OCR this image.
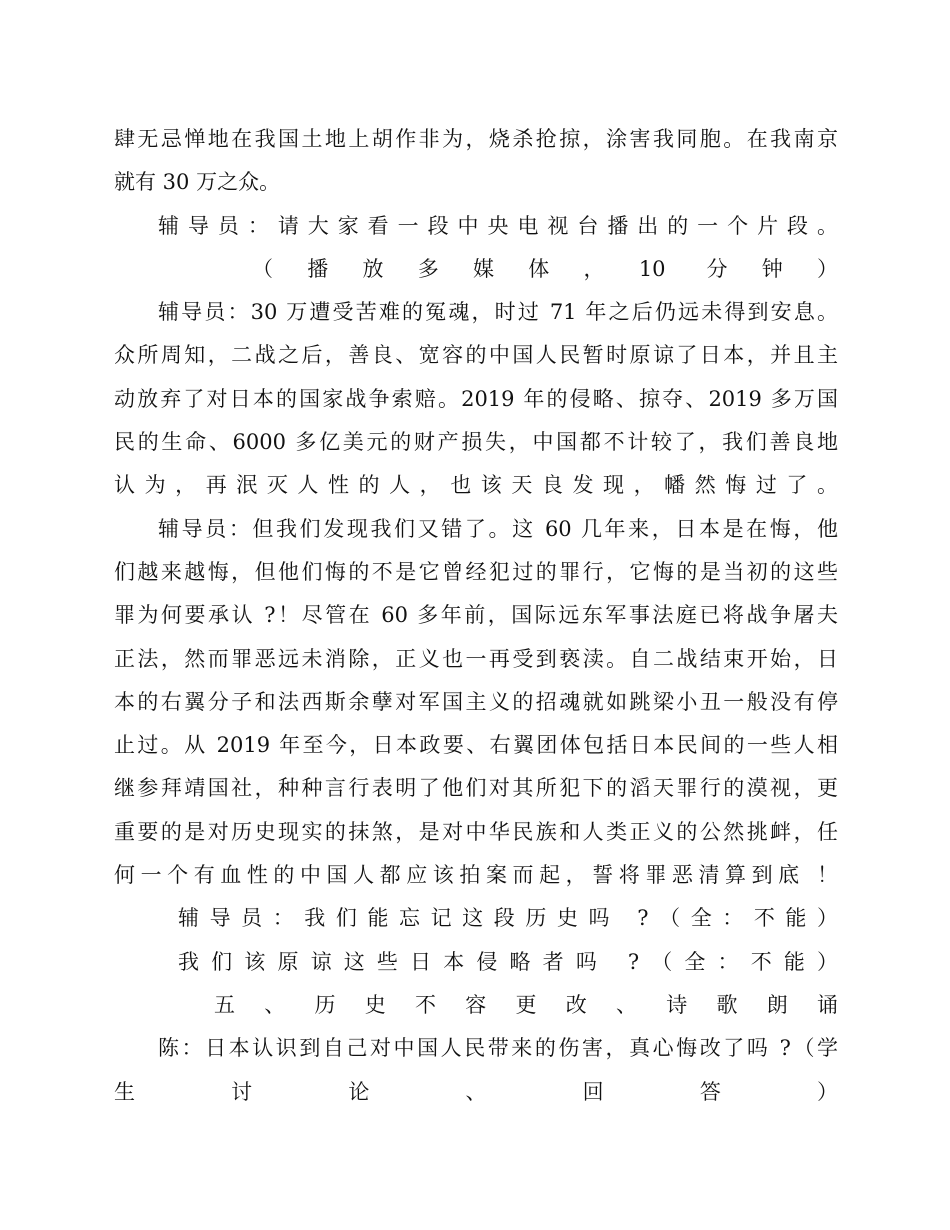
肆无忌惮地在我国土地上胡作非为，烧杀抢掠，涂害我同胞。在我南京
就有 30 万之众。
辅导员：请大家看一段中央电视台播出的一个片段。
（播放多媒体，10 分钟）
辅导员：30 万遭受苦难的冤魂，时过 71 年之后仍远未得到安息。
众所周知，二战之后，善良、宽容的中国人民暂时原谅了日本，并且主
动放弃了对日本的国家战争索赔。2019 年的侵略、掠夺、2019 多万国
民的生命、6000 多亿美元的财产损失，中国都不计较了，我们善良地
认为，再泯灭人性的人，也该天良发现，幡然悔过了。
辅导员：但我们发现我们又错了。这 60 几年来，日本是在悔，他
们越来越悔，但他们悔的不是它曾经犯过的罪行，它悔的是当初的这些
罪为何要承认 ?！尽管在 60 多年前，国际远东军事法庭已将战争屠夫
正法，然而罪恶远未消除，正义也一再受到亵渎。自二战结束开始，日
本的右翼分子和法西斯余孽对军国主义的招魂就如跳梁小丑一般没有停
止过。从 2019 年至今，日本政要、右翼团体包括日本民间的一些人相
继参拜靖国社，种种言行表明了他们对其所犯下的滔天罪行的漠视，更
重要的是对历史现实的抹煞，是对中华民族和人类正义的公然挑衅，任
何一个有血性的中国人都应该拍案而起，誓将罪恶清算到底 ！
辅导员：我们能忘记这段历史吗 ?（全：不能）
我们该原谅这些日本侵略者吗 ?（全：不能）
五、历史不容更改、诗歌朗诵
陈：日本认识到自己对中国人民带来的伤害，真心悔改了吗 ?（学
生讨论、回答）
